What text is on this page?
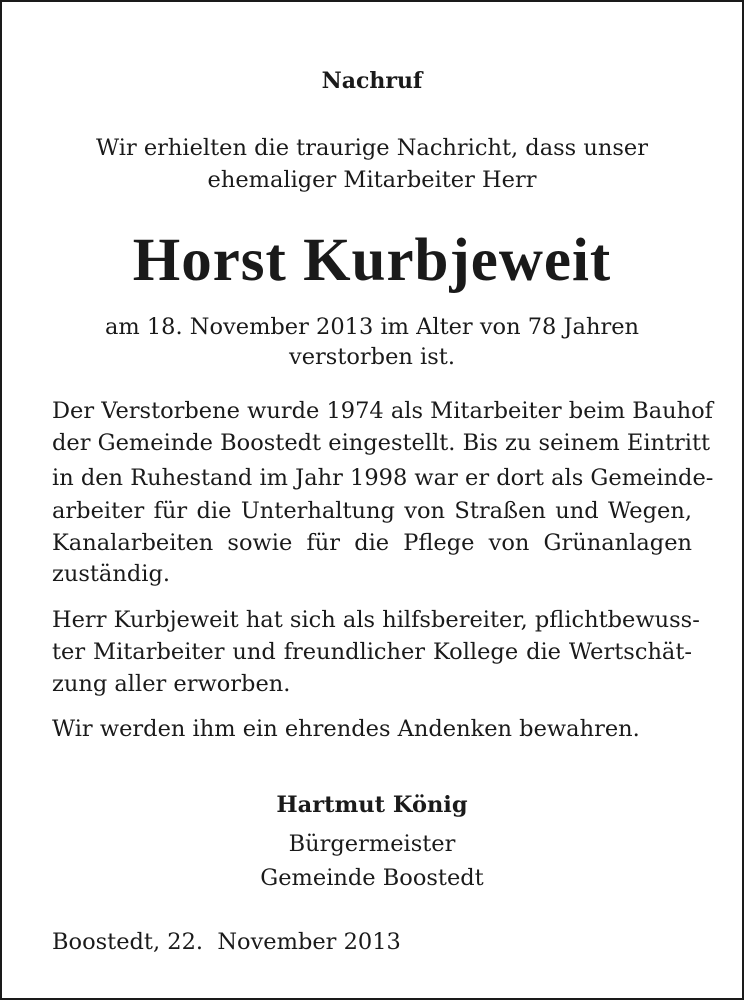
Nachruf
Wir erhielten die traurige Nachricht, dass unser
ehemaliger Mitarbeiter Herr
Horst Kurbjeweit
am 18. November 2013 im Alter von 78 Jahren
verstorben ist.
Der Verstorbene wurde 1974 als Mitarbeiter beim Bauhof
der Gemeinde Boostedt eingestellt. Bis zu seinem Eintritt
in den Ruhestand im Jahr 1998 war er dort als Gemeinde-
arbeiter für die Unterhaltung von Straßen und Wegen,
Kanalarbeiten sowie für die Pflege von Grünanlagen
zuständig.
Herr Kurbjeweit hat sich als hilfsbereiter, pflichtbewuss-
ter Mitarbeiter und freundlicher Kollege die Wertschät-
zung aller erworben.
Wir werden ihm ein ehrendes Andenken bewahren.
Hartmut König
Bürgermeister
Gemeinde Boostedt
Boostedt, 22.  November 2013
